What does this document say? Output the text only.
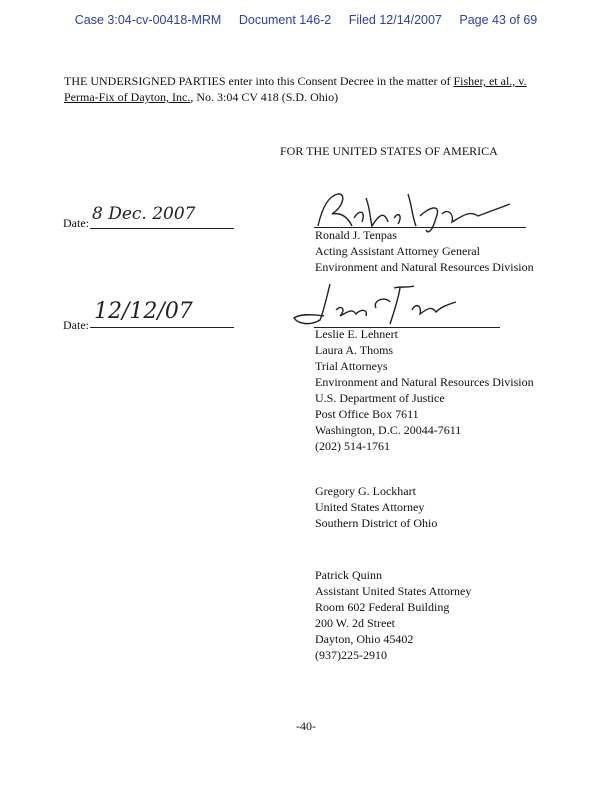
Case 3:04-cv-00418-MRM Document 146-2 Filed 12/14/2007 Page 43 of 69
THE UNDERSIGNED PARTIES enter into this Consent Decree in the matter of Fisher, et al., v.
Perma-Fix of Dayton, Inc., No. 3:04 CV 418 (S.D. Ohio)
FOR THE UNITED STATES OF AMERICA
Date: 8 Dec. 2007
Ronald J. Tenpas
Acting Assistant Attorney General
Environment and Natural Resources Division
Date:
12/12/07
Leslie E. Lehnert
Laura A. Thoms
Trial Attorneys
Environment and Natural Resources Division
U.S. Department of Justice
Post Office Box 7611
Washington, D.C. 20044-7611
(202) 514-1761
Gregory G. Lockhart
United States Attorney
Southern District of Ohio
Patrick Quinn
Assistant United States Attorney
Room 602 Federal Building
200 W. 2d Street
Dayton, Ohio 45402
(937)225-2910
-40-
